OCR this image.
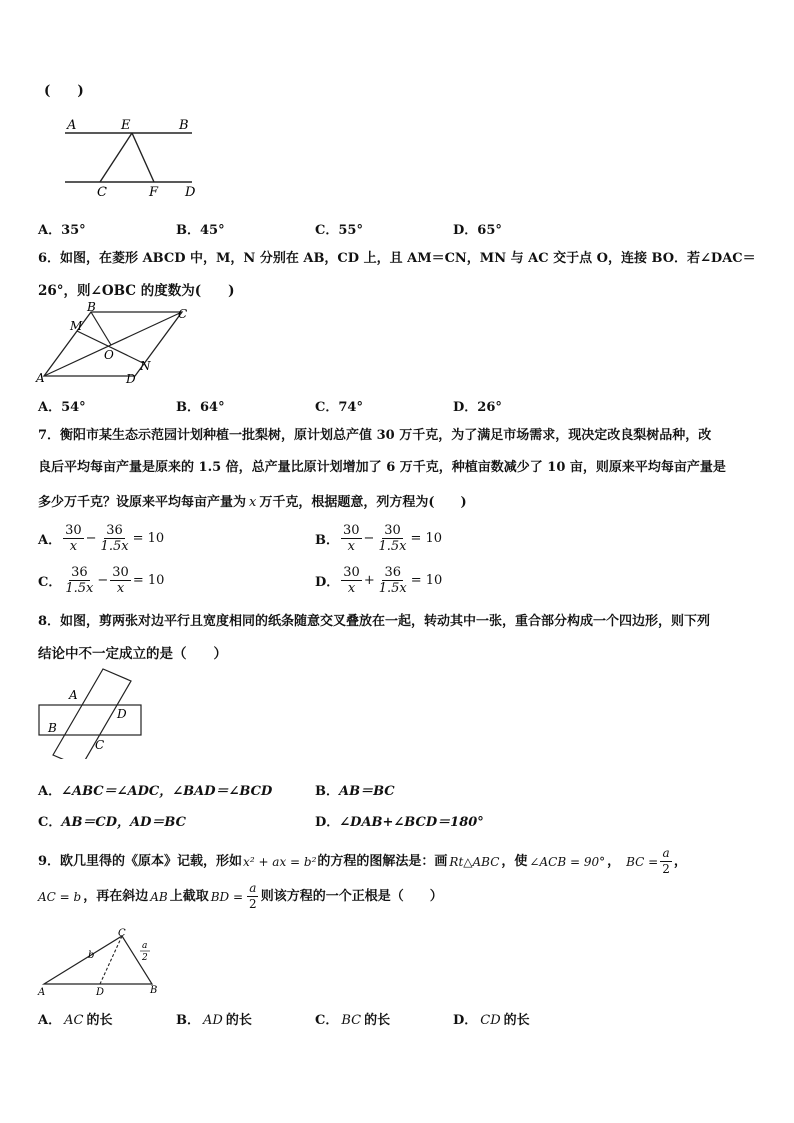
(　　)
A	E	B
C	F D
A．35°	B．45°	C．55°	D．65°
6．如图，在菱形 ABCD 中，M，N 分别在 AB，CD 上，且 AM＝CN，MN 与 AC 交于点 O，连接 BO．若∠DAC＝
26°，则∠OBC 的度数为(　　)
B	C
M
O
N
A	D
A．54°	B．64°	C．74°	D．26°
7．衡阳市某生态示范园计划种植一批梨树，原计划总产值 30 万千克，为了满足市场需求，现决定改良梨树品种，改
良后平均每亩产量是原来的 1.5 倍，总产量比原计划增加了 6 万千克，种植亩数减少了 10 亩，则原来平均每亩产量是
多少万千克？设原来平均每亩产量为 x 万千克，根据题意，列方程为(　　)
A． $\frac{30}{x} - \frac{36}{1.5x} = 10$	B． $\frac{30}{x} - \frac{30}{1.5x} = 10$
C． $\frac{36}{1.5x} - \frac{30}{x} = 10$	D． $\frac{30}{x} + \frac{36}{1.5x} = 10$
8．如图，剪两张对边平行且宽度相同的纸条随意交叉叠放在一起，转动其中一张，重合部分构成一个四边形，则下列
结论中不一定成立的是（　　）
A
B
D
C
A．∠ABC＝∠ADC，∠BAD＝∠BCD	B．AB＝BC
C．AB＝CD，AD＝BC	D．∠DAB+∠BCD＝180°
9．欧几里得的《原本》记载，形如 x² + ax = b² 的方程的图解法是：画 Rt△ABC ，使 ∠ACB = 90° ， BC = $\frac{a}{2}$ ，
AC = b ，再在斜边 AB 上截取 BD = $\frac{a}{2}$ 则该方程的一个正根是（　　）
C
b
a
2
A	D	B
A． AC 的长	B． AD 的长	C． BC 的长	D． CD 的长
